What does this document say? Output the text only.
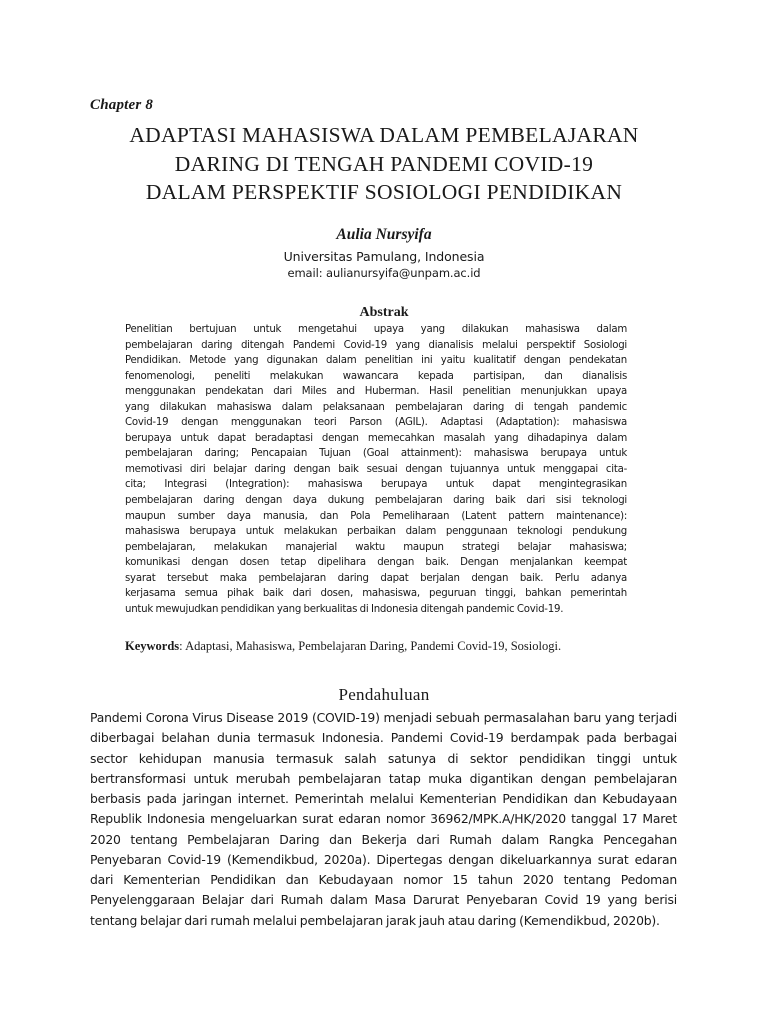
Chapter 8
ADAPTASI MAHASISWA DALAM PEMBELAJARAN
DARING DI TENGAH PANDEMI COVID-19
DALAM PERSPEKTIF SOSIOLOGI PENDIDIKAN
Aulia Nursyifa
Universitas Pamulang, Indonesia
email: aulianursyifa@unpam.ac.id
Abstrak
Penelitian bertujuan untuk mengetahui upaya yang dilakukan mahasiswa dalam
pembelajaran daring ditengah Pandemi Covid-19 yang dianalisis melalui perspektif Sosiologi
Pendidikan. Metode yang digunakan dalam penelitian ini yaitu kualitatif dengan pendekatan
fenomenologi, peneliti melakukan wawancara kepada partisipan, dan dianalisis
menggunakan pendekatan dari Miles and Huberman. Hasil penelitian menunjukkan upaya
yang dilakukan mahasiswa dalam pelaksanaan pembelajaran daring di tengah pandemic
Covid-19 dengan menggunakan teori Parson (AGIL). Adaptasi (Adaptation): mahasiswa
berupaya untuk dapat beradaptasi dengan memecahkan masalah yang dihadapinya dalam
pembelajaran daring; Pencapaian Tujuan (Goal attainment): mahasiswa berupaya untuk
memotivasi diri belajar daring dengan baik sesuai dengan tujuannya untuk menggapai cita-
cita; Integrasi (Integration): mahasiswa berupaya untuk dapat mengintegrasikan
pembelajaran daring dengan daya dukung pembelajaran daring baik dari sisi teknologi
maupun sumber daya manusia, dan Pola Pemeliharaan (Latent pattern maintenance):
mahasiswa berupaya untuk melakukan perbaikan dalam penggunaan teknologi pendukung
pembelajaran, melakukan manajerial waktu maupun strategi belajar mahasiswa;
komunikasi dengan dosen tetap dipelihara dengan baik. Dengan menjalankan keempat
syarat tersebut maka pembelajaran daring dapat berjalan dengan baik. Perlu adanya
kerjasama semua pihak baik dari dosen, mahasiswa, peguruan tinggi, bahkan pemerintah
untuk mewujudkan pendidikan yang berkualitas di Indonesia ditengah pandemic Covid-19.
Keywords: Adaptasi, Mahasiswa, Pembelajaran Daring, Pandemi Covid-19, Sosiologi.
Pendahuluan
Pandemi Corona Virus Disease 2019 (COVID-19) menjadi sebuah permasalahan baru yang terjadi
diberbagai belahan dunia termasuk Indonesia. Pandemi Covid-19 berdampak pada berbagai
sector kehidupan manusia termasuk salah satunya di sektor pendidikan tinggi untuk
bertransformasi untuk merubah pembelajaran tatap muka digantikan dengan pembelajaran
berbasis pada jaringan internet. Pemerintah melalui Kementerian Pendidikan dan Kebudayaan
Republik Indonesia mengeluarkan surat edaran nomor 36962/MPK.A/HK/2020 tanggal 17 Maret
2020 tentang Pembelajaran Daring dan Bekerja dari Rumah dalam Rangka Pencegahan
Penyebaran Covid-19 (Kemendikbud, 2020a). Dipertegas dengan dikeluarkannya surat edaran
dari Kementerian Pendidikan dan Kebudayaan nomor 15 tahun 2020 tentang Pedoman
Penyelenggaraan Belajar dari Rumah dalam Masa Darurat Penyebaran Covid 19 yang berisi
tentang belajar dari rumah melalui pembelajaran jarak jauh atau daring (Kemendikbud, 2020b).
